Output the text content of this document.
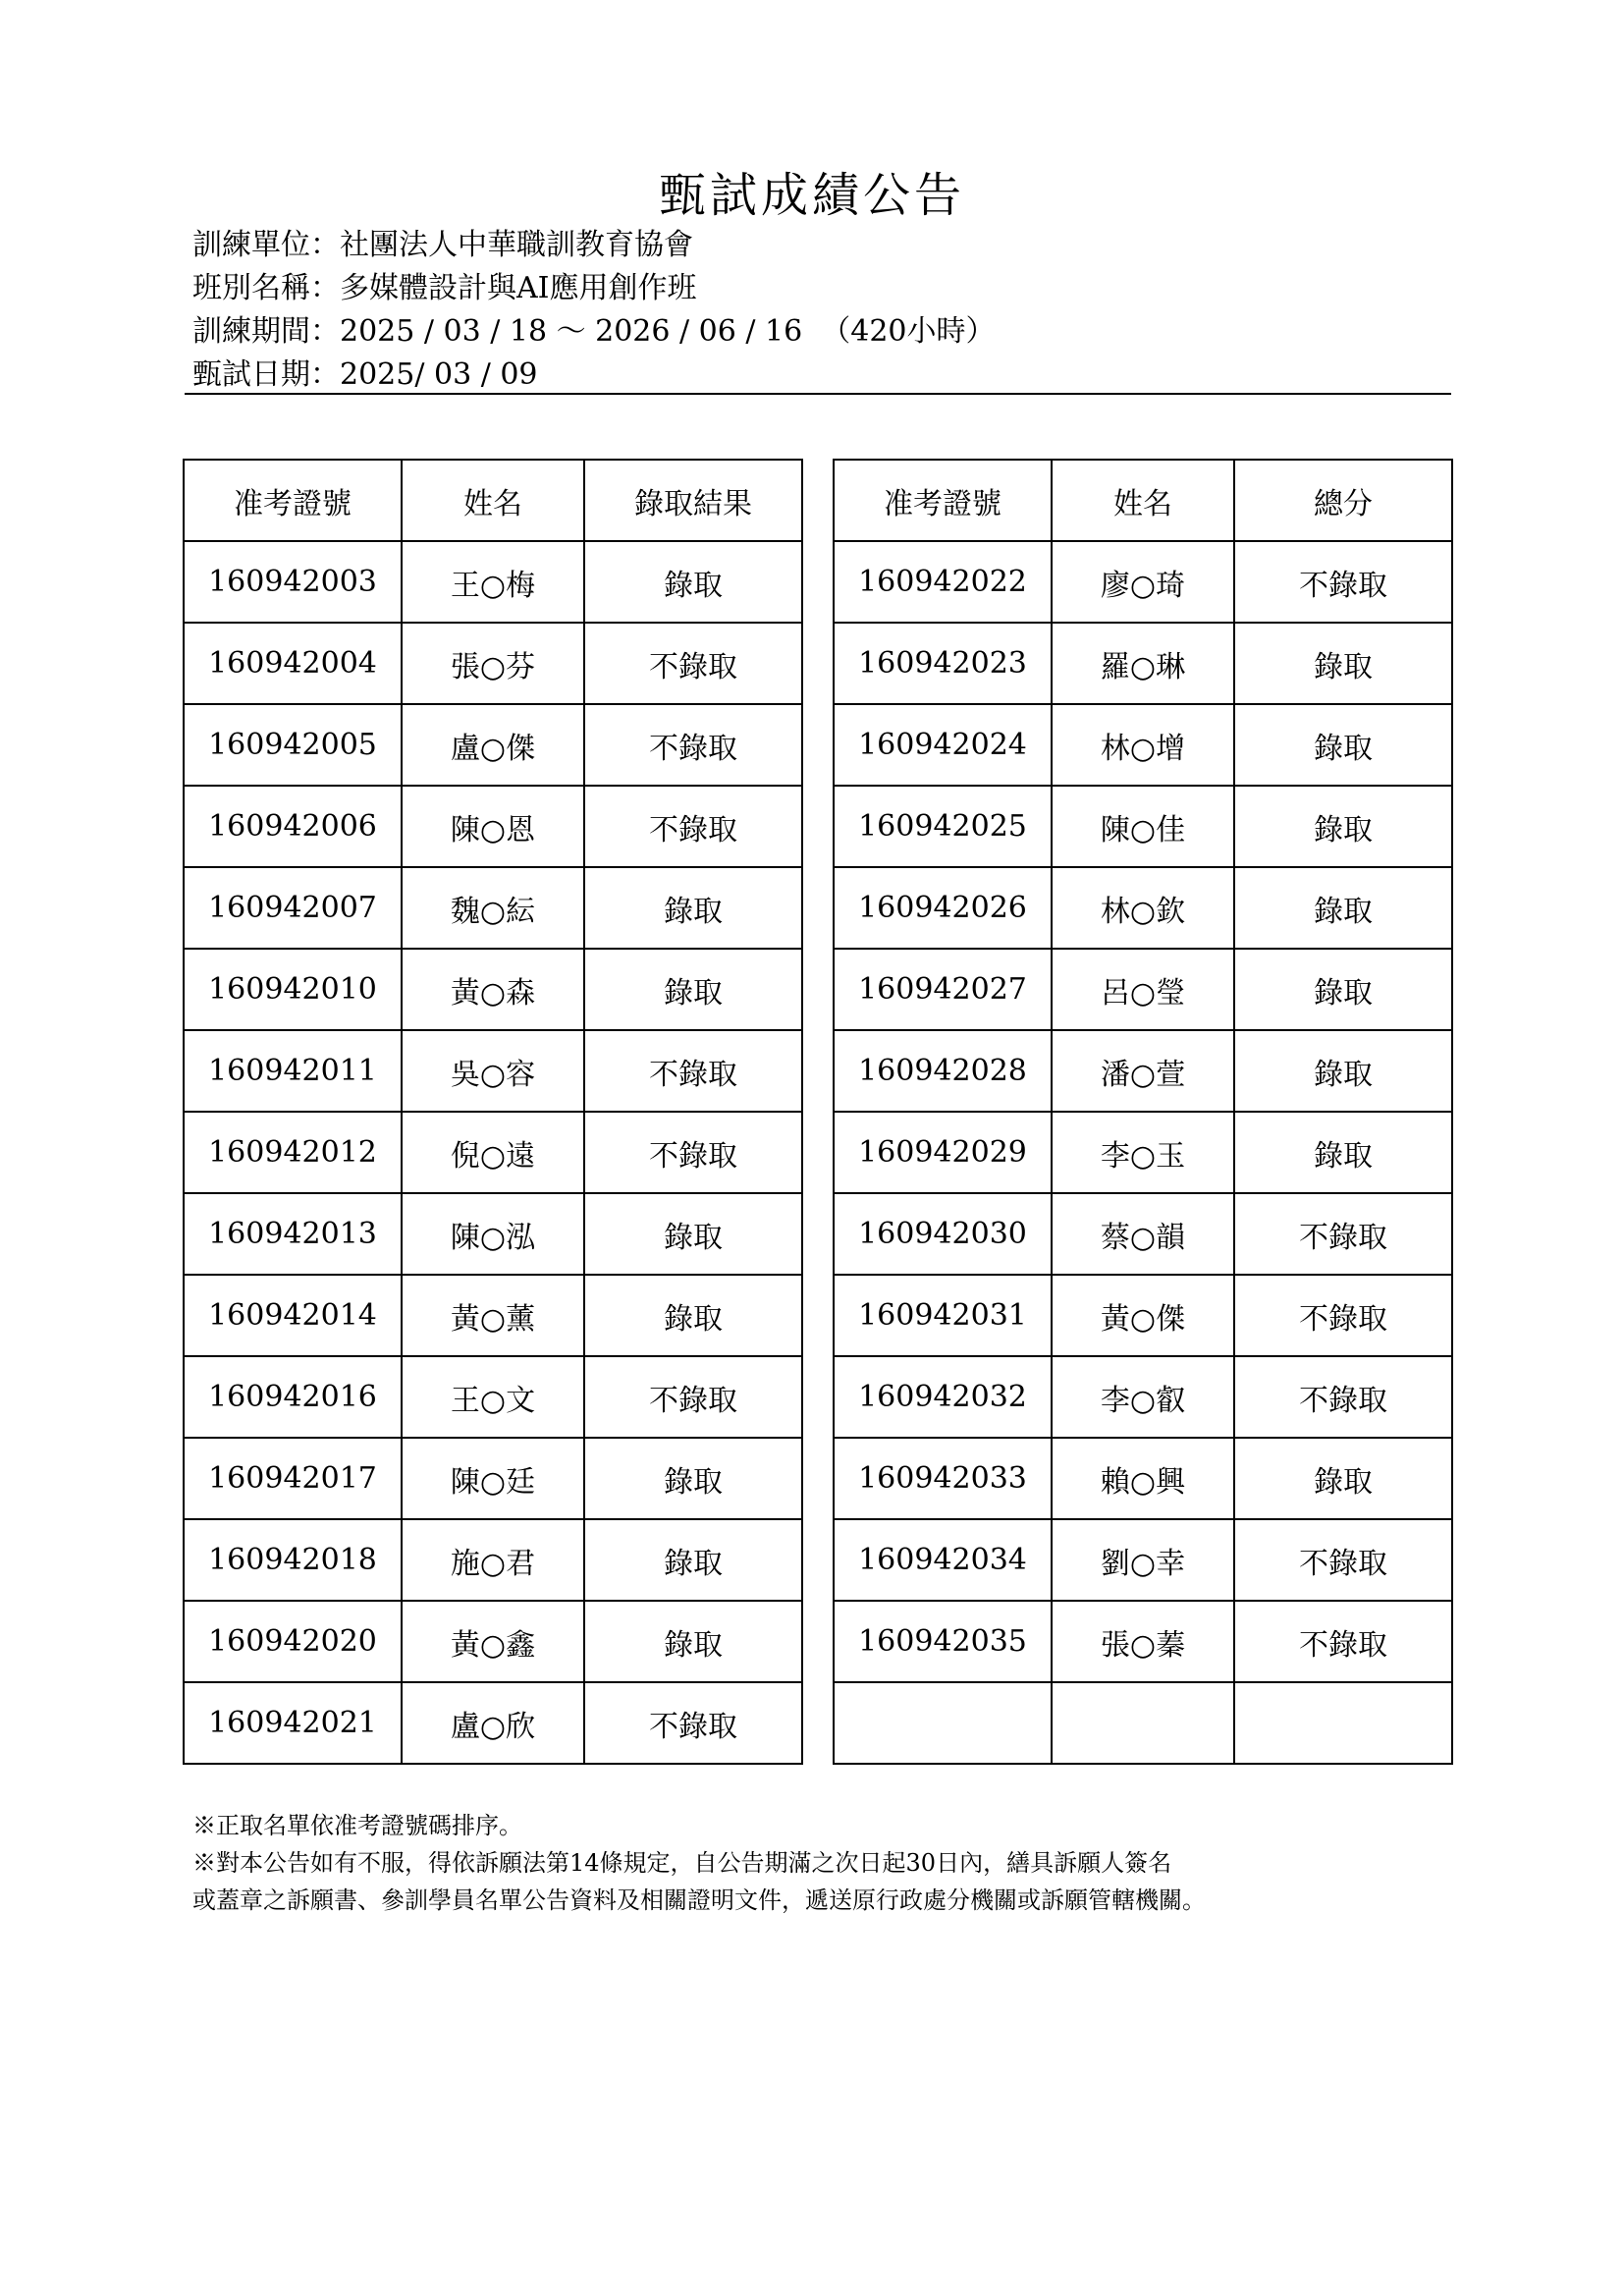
甄試成績公告
訓練單位：社團法人中華職訓教育協會
班別名稱：多媒體設計與AI應用創作班
訓練期間：2025 / 03 / 18 ～ 2026 / 06 / 16  （420小時）
甄試日期：2025/ 03 / 09
准考證號	姓名	錄取結果
160942003	王○梅	錄取
160942004	張○芬	不錄取
160942005	盧○傑	不錄取
160942006	陳○恩	不錄取
160942007	魏○紜	錄取
160942010	黃○森	錄取
160942011	吳○容	不錄取
160942012	倪○遠	不錄取
160942013	陳○泓	錄取
160942014	黃○薰	錄取
160942016	王○文	不錄取
160942017	陳○廷	錄取
160942018	施○君	錄取
160942020	黃○鑫	錄取
160942021	盧○欣	不錄取
准考證號	姓名	總分
160942022	廖○琦	不錄取
160942023	羅○琳	錄取
160942024	林○增	錄取
160942025	陳○佳	錄取
160942026	林○欽	錄取
160942027	呂○瑩	錄取
160942028	潘○萱	錄取
160942029	李○玉	錄取
160942030	蔡○韻	不錄取
160942031	黃○傑	不錄取
160942032	李○叡	不錄取
160942033	賴○興	錄取
160942034	劉○幸	不錄取
160942035	張○蓁	不錄取

※正取名單依准考證號碼排序。
※對本公告如有不服，得依訴願法第14條規定，自公告期滿之次日起30日內，繕具訴願人簽名
或蓋章之訴願書、參訓學員名單公告資料及相關證明文件，遞送原行政處分機關或訴願管轄機關。
